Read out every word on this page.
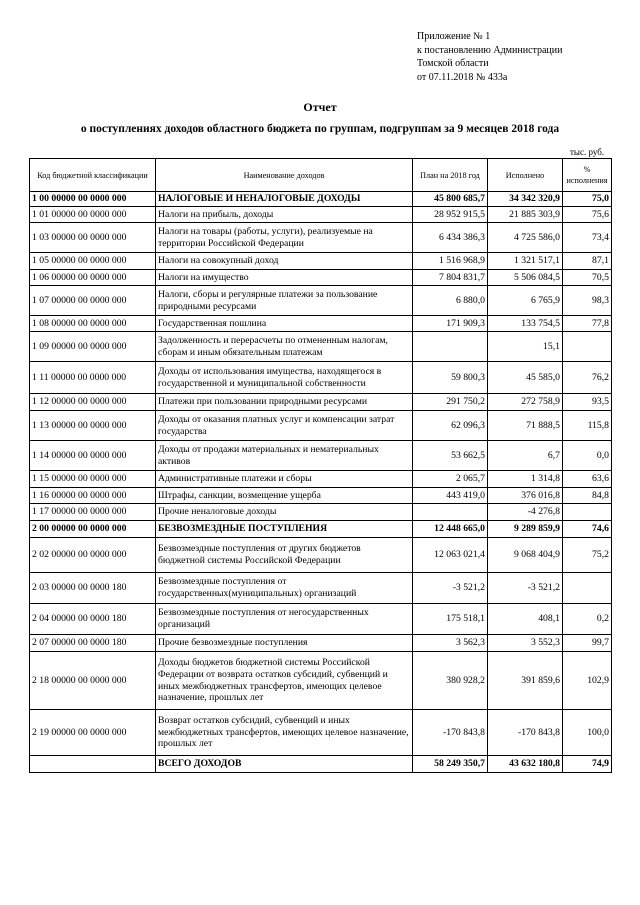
Приложение № 1
к постановлению Администрации
Томской области
от 07.11.2018 № 433а
Отчет
о поступлениях доходов областного бюджета по группам, подгруппам за 9 месяцев 2018 года
тыс. руб.
Код бюджетной классификации	Наименование доходов	План на 2018 год	Исполнено	% исполнения
1 00 00000 00 0000 000	НАЛОГОВЫЕ И НЕНАЛОГОВЫЕ ДОХОДЫ	45 800 685,7	34 342 320,9	75,0
1 01 00000 00 0000 000	Налоги на прибыль, доходы	28 952 915,5	21 885 303,9	75,6
1 03 00000 00 0000 000	Налоги на товары (работы, услуги), реализуемые на территории Российской Федерации	6 434 386,3	4 725 586,0	73,4
1 05 00000 00 0000 000	Налоги на совокупный доход	1 516 968,9	1 321 517,1	87,1
1 06 00000 00 0000 000	Налоги на имущество	7 804 831,7	5 506 084,5	70,5
1 07 00000 00 0000 000	Налоги, сборы и регулярные платежи за пользование природными ресурсами	6 880,0	6 765,9	98,3
1 08 00000 00 0000 000	Государственная пошлина	171 909,3	133 754,5	77,8
1 09 00000 00 0000 000	Задолженность и перерасчеты по отмененным налогам, сборам и иным обязательным платежам		15,1	
1 11 00000 00 0000 000	Доходы от использования имущества, находящегося в государственной и муниципальной собственности	59 800,3	45 585,0	76,2
1 12 00000 00 0000 000	Платежи при пользовании природными ресурсами	291 750,2	272 758,9	93,5
1 13 00000 00 0000 000	Доходы от оказания платных услуг и компенсации затрат государства	62 096,3	71 888,5	115,8
1 14 00000 00 0000 000	Доходы от продажи материальных и нематериальных активов	53 662,5	6,7	0,0
1 15 00000 00 0000 000	Административные платежи и сборы	2 065,7	1 314,8	63,6
1 16 00000 00 0000 000	Штрафы, санкции, возмещение ущерба	443 419,0	376 016,8	84,8
1 17 00000 00 0000 000	Прочие неналоговые доходы		-4 276,8	
2 00 00000 00 0000 000	БЕЗВОЗМЕЗДНЫЕ ПОСТУПЛЕНИЯ	12 448 665,0	9 289 859,9	74,6
2 02 00000 00 0000 000	Безвозмездные поступления от других бюджетов бюджетной системы Российской Федерации	12 063 021,4	9 068 404,9	75,2
2 03 00000 00 0000 180	Безвозмездные поступления от государственных(муниципальных) организаций	-3 521,2	-3 521,2	
2 04 00000 00 0000 180	Безвозмездные поступления от негосударственных организаций	175 518,1	408,1	0,2
2 07 00000 00 0000 180	Прочие безвозмездные поступления	3 562,3	3 552,3	99,7
2 18 00000 00 0000 000	Доходы бюджетов бюджетной системы Российской Федерации от возврата остатков субсидий, субвенций и иных межбюджетных трансфертов, имеющих целевое назначение, прошлых лет	380 928,2	391 859,6	102,9
2 19 00000 00 0000 000	Возврат остатков субсидий, субвенций и иных межбюджетных трансфертов, имеющих целевое назначение, прошлых лет	-170 843,8	-170 843,8	100,0
	ВСЕГО ДОХОДОВ	58 249 350,7	43 632 180,8	74,9
